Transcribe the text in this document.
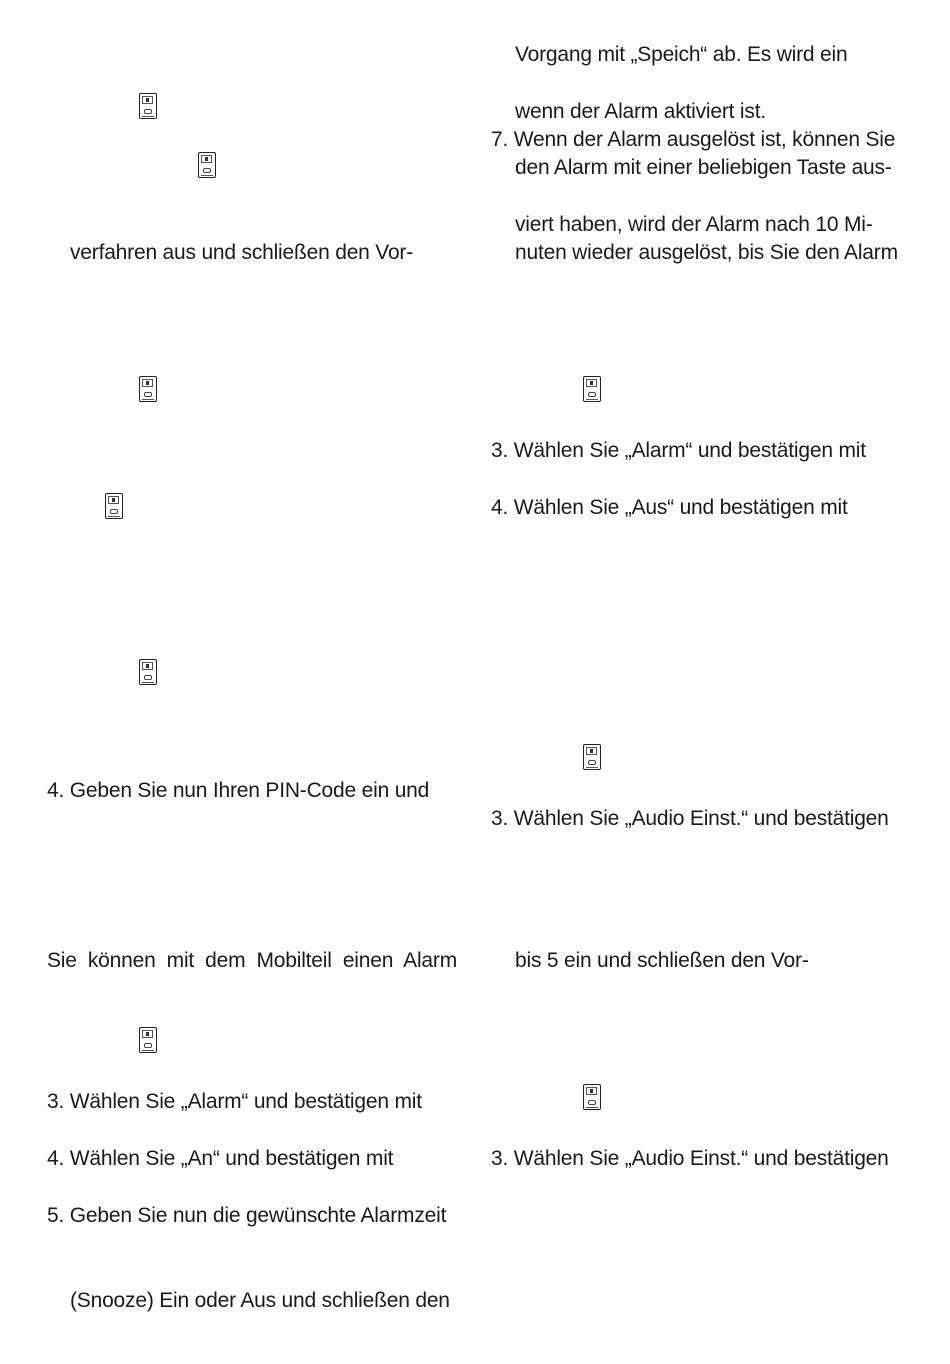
verfahren aus und schließen den Vor-
4. Geben Sie nun Ihren PIN-Code ein und
Sie können mit dem Mobilteil einen Alarm
3. Wählen Sie „Alarm“ und bestätigen mit
4. Wählen Sie „An“ und bestätigen mit
5. Geben Sie nun die gewünschte Alarmzeit
(Snooze) Ein oder Aus und schließen den
Vorgang mit „Speich“ ab. Es wird ein
wenn der Alarm aktiviert ist.
7. Wenn der Alarm ausgelöst ist, können Sie
den Alarm mit einer beliebigen Taste aus-
viert haben, wird der Alarm nach 10 Mi-
nuten wieder ausgelöst, bis Sie den Alarm
3. Wählen Sie „Alarm“ und bestätigen mit
4. Wählen Sie „Aus“ und bestätigen mit
3. Wählen Sie „Audio Einst.“ und bestätigen
bis 5 ein und schließen den Vor-
3. Wählen Sie „Audio Einst.“ und bestätigen
